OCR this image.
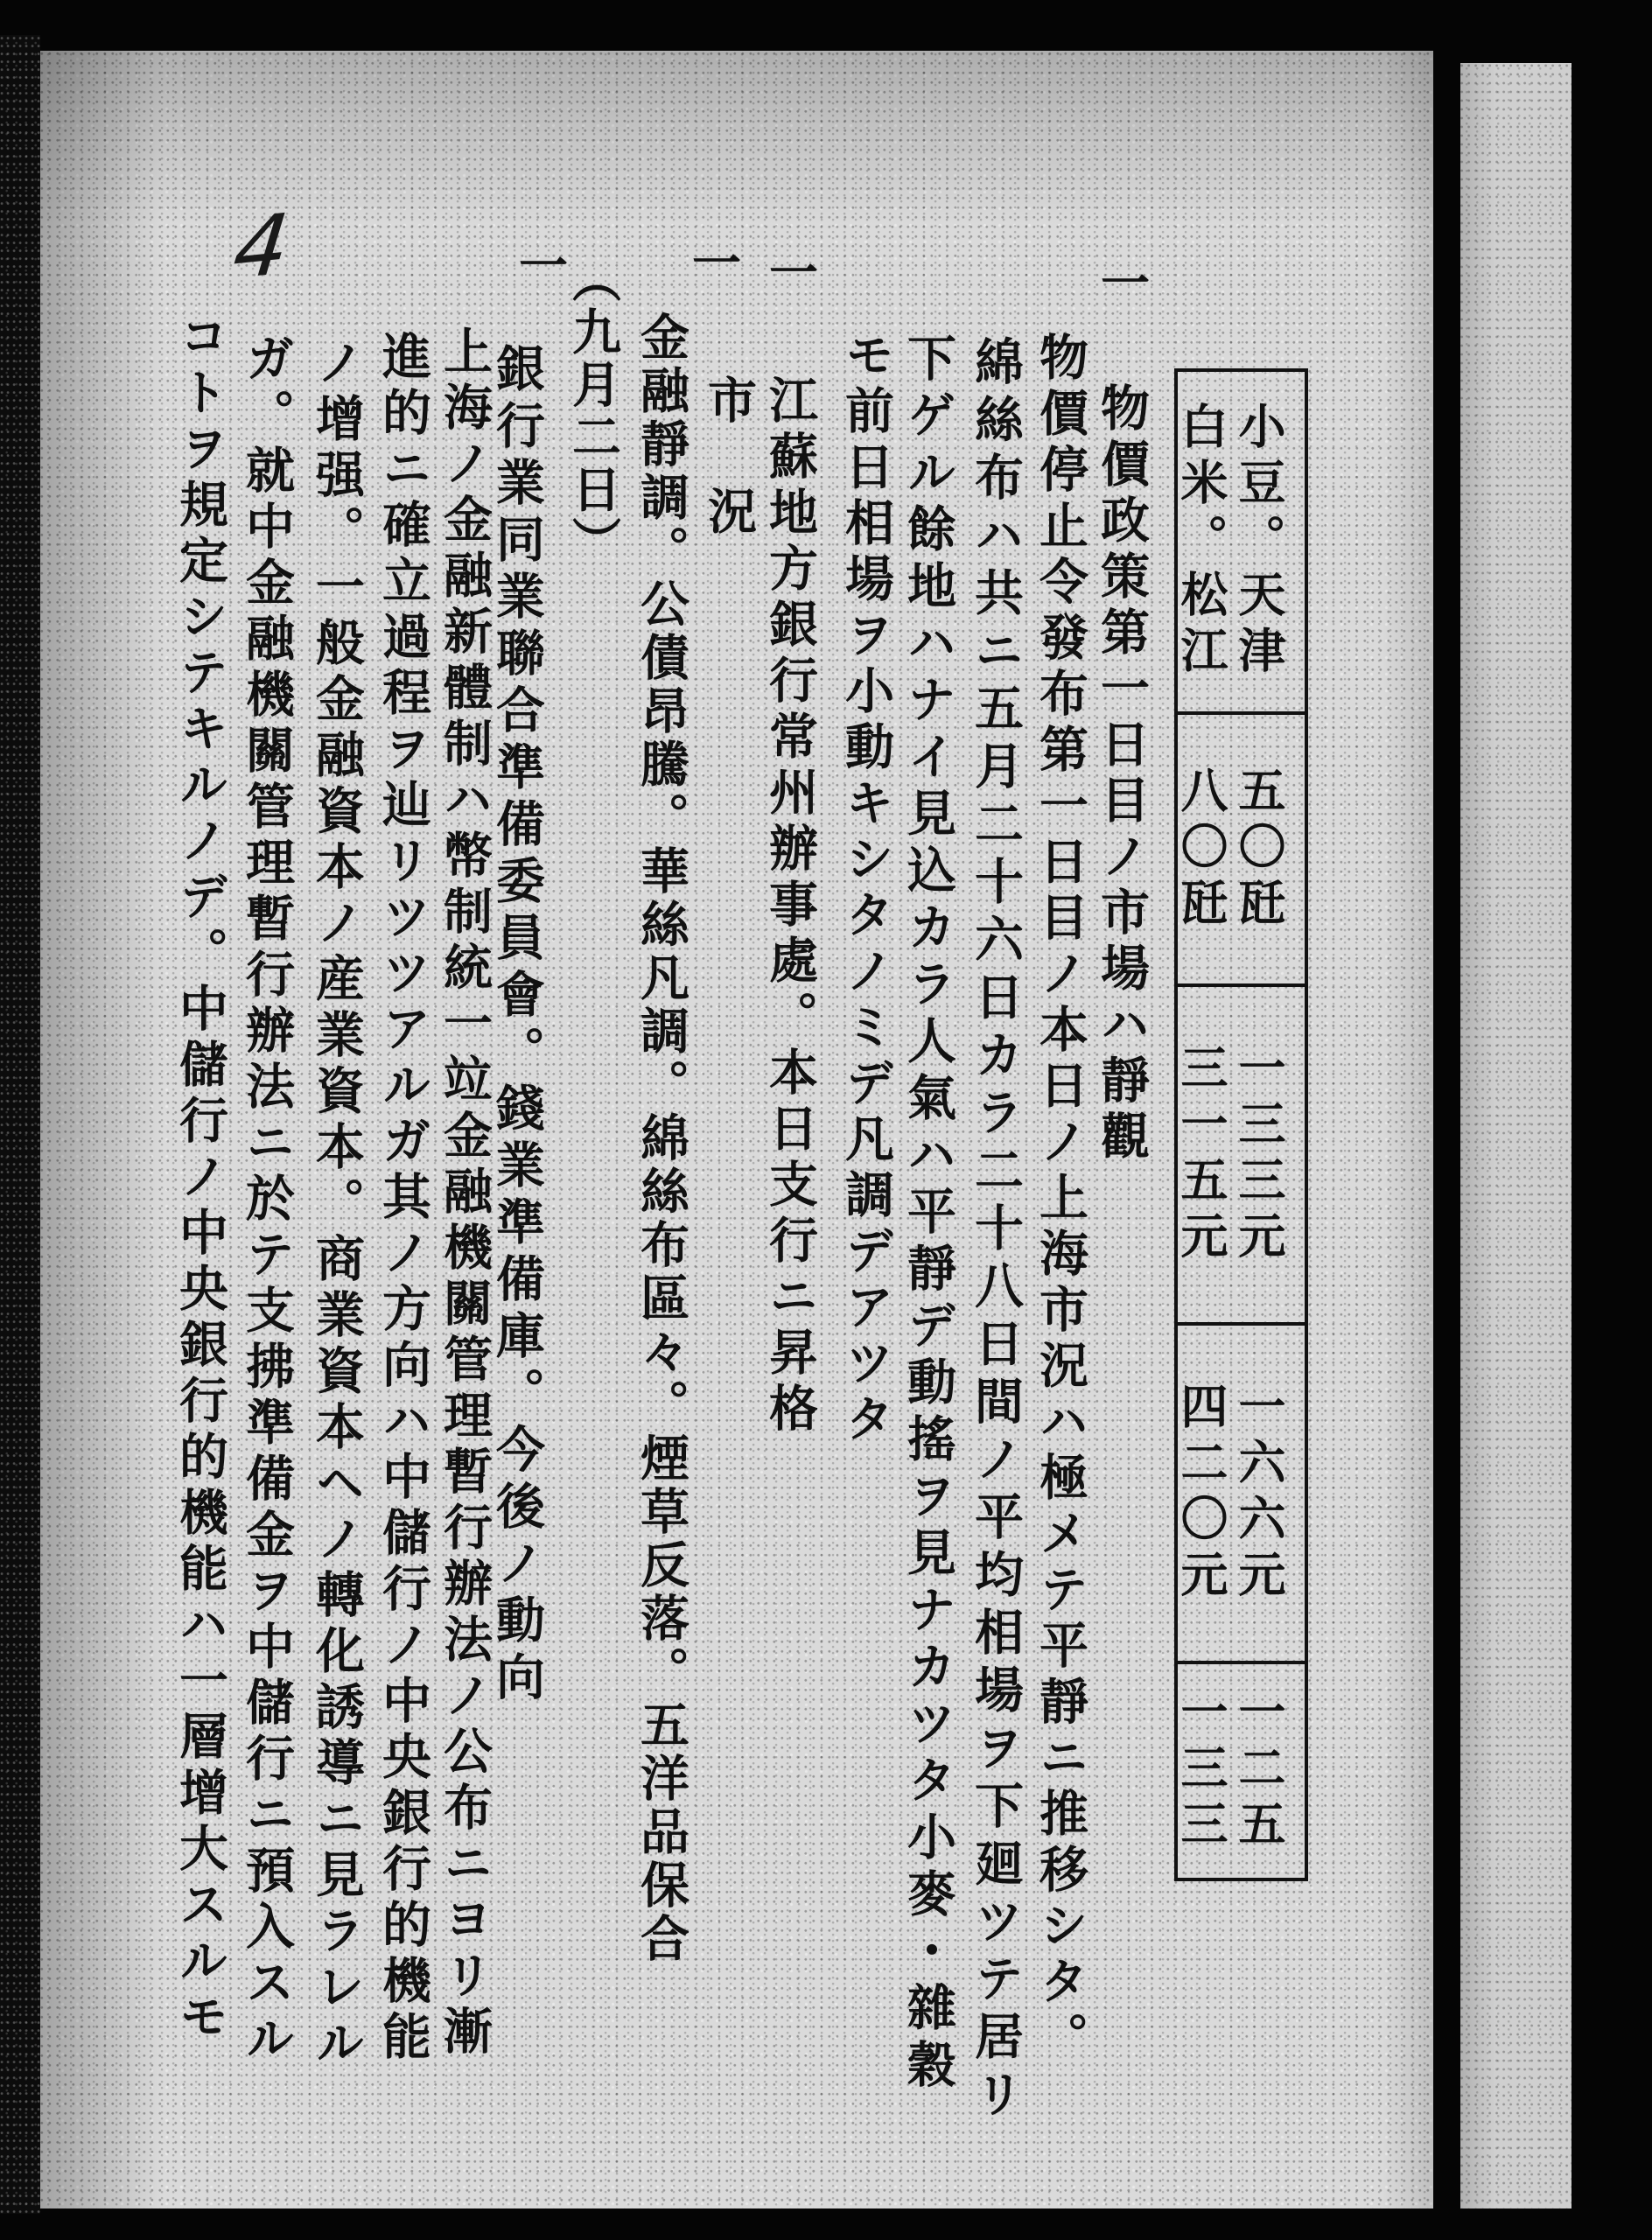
4
小豆。天津
白米。松江
五〇瓩
八〇瓩
一三三元
三一五元
一六六元
四二〇元
一二五
一三三
一
物價政策第一日目ノ市場ハ靜觀
物價停止令發布第一日目ノ本日ノ上海市況ハ極メテ平靜ニ推移シタ。
綿絲布ハ共ニ五月二十六日カラ二十八日間ノ平均相場ヲ下廻ツテ居リ
下ゲル餘地ハナイ見込カラ人氣ハ平靜デ動搖ヲ見ナカツタ小麥・雜穀
モ前日相場ヲ小動キシタノミデ凡調デアツタ
一
江蘇地方銀行常州辦事處。本日支行ニ昇格
一
市況
金融靜調。公債昂騰。華絲凡調。綿絲布區々。煙草反落。五洋品保合
（九月二日）
一
銀行業同業聯合準備委員會。錢業準備庫。今後ノ動向
上海ノ金融新體制ハ幣制統一竝金融機關管理暫行辦法ノ公布ニヨリ漸
進的ニ確立過程ヲ辿リツツアルガ其ノ方向ハ中儲行ノ中央銀行的機能
ノ增强。一般金融資本ノ産業資本。商業資本ヘノ轉化誘導ニ見ラレル
ガ。就中金融機關管理暫行辦法ニ於テ支拂準備金ヲ中儲行ニ預入スル
コトヲ規定シテキルノデ。中儲行ノ中央銀行的機能ハ一層增大スルモ
